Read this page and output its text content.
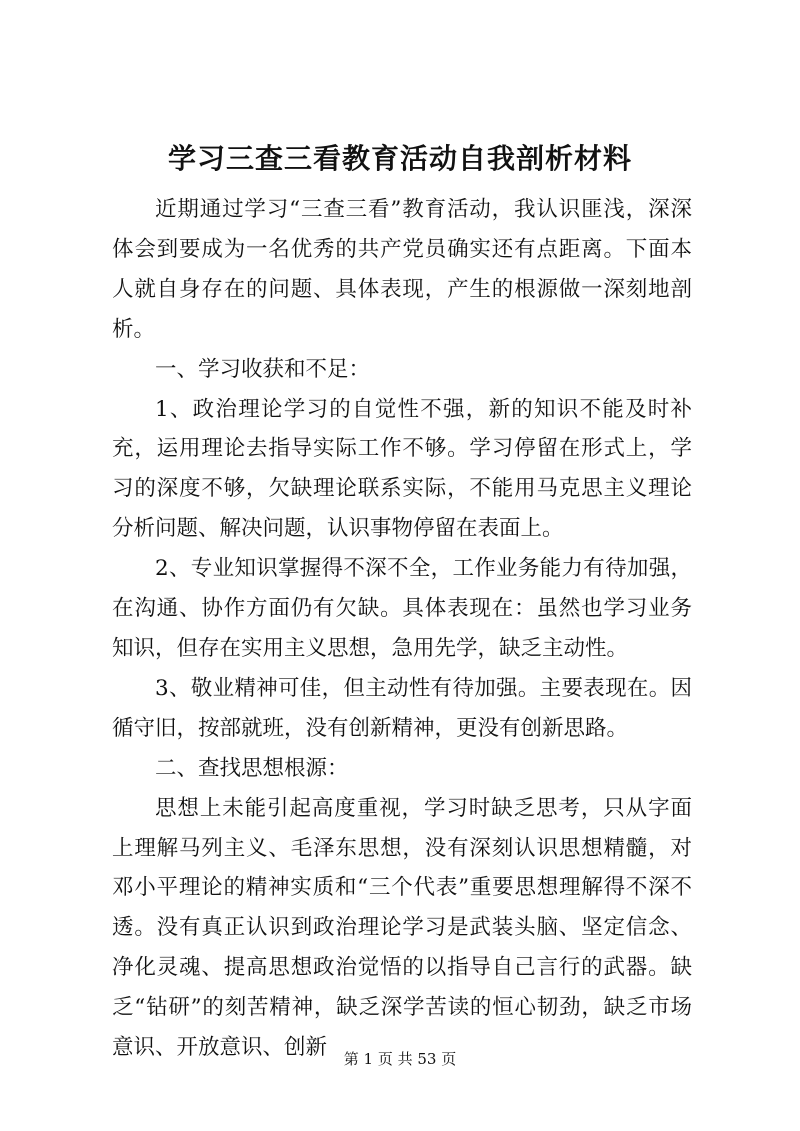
学习三查三看教育活动自我剖析材料

近期通过学习“三查三看”教育活动，我认识匪浅，深深体会到要成为一名优秀的共产党员确实还有点距离。下面本人就自身存在的问题、具体表现，产生的根源做一深刻地剖析。

一、学习收获和不足：

1、政治理论学习的自觉性不强，新的知识不能及时补充，运用理论去指导实际工作不够。学习停留在形式上，学习的深度不够，欠缺理论联系实际，不能用马克思主义理论分析问题、解决问题，认识事物停留在表面上。

2、专业知识掌握得不深不全，工作业务能力有待加强，在沟通、协作方面仍有欠缺。具体表现在：虽然也学习业务知识，但存在实用主义思想，急用先学，缺乏主动性。

3、敬业精神可佳，但主动性有待加强。主要表现在。因循守旧，按部就班，没有创新精神，更没有创新思路。

二、查找思想根源：

思想上未能引起高度重视，学习时缺乏思考，只从字面上理解马列主义、毛泽东思想，没有深刻认识思想精髓，对邓小平理论的精神实质和“三个代表”重要思想理解得不深不透。没有真正认识到政治理论学习是武装头脑、坚定信念、净化灵魂、提高思想政治觉悟的以指导自己言行的武器。缺乏“钻研”的刻苦精神，缺乏深学苦读的恒心韧劲，缺乏市场意识、开放意识、创新	第 1 页 共 53 页
